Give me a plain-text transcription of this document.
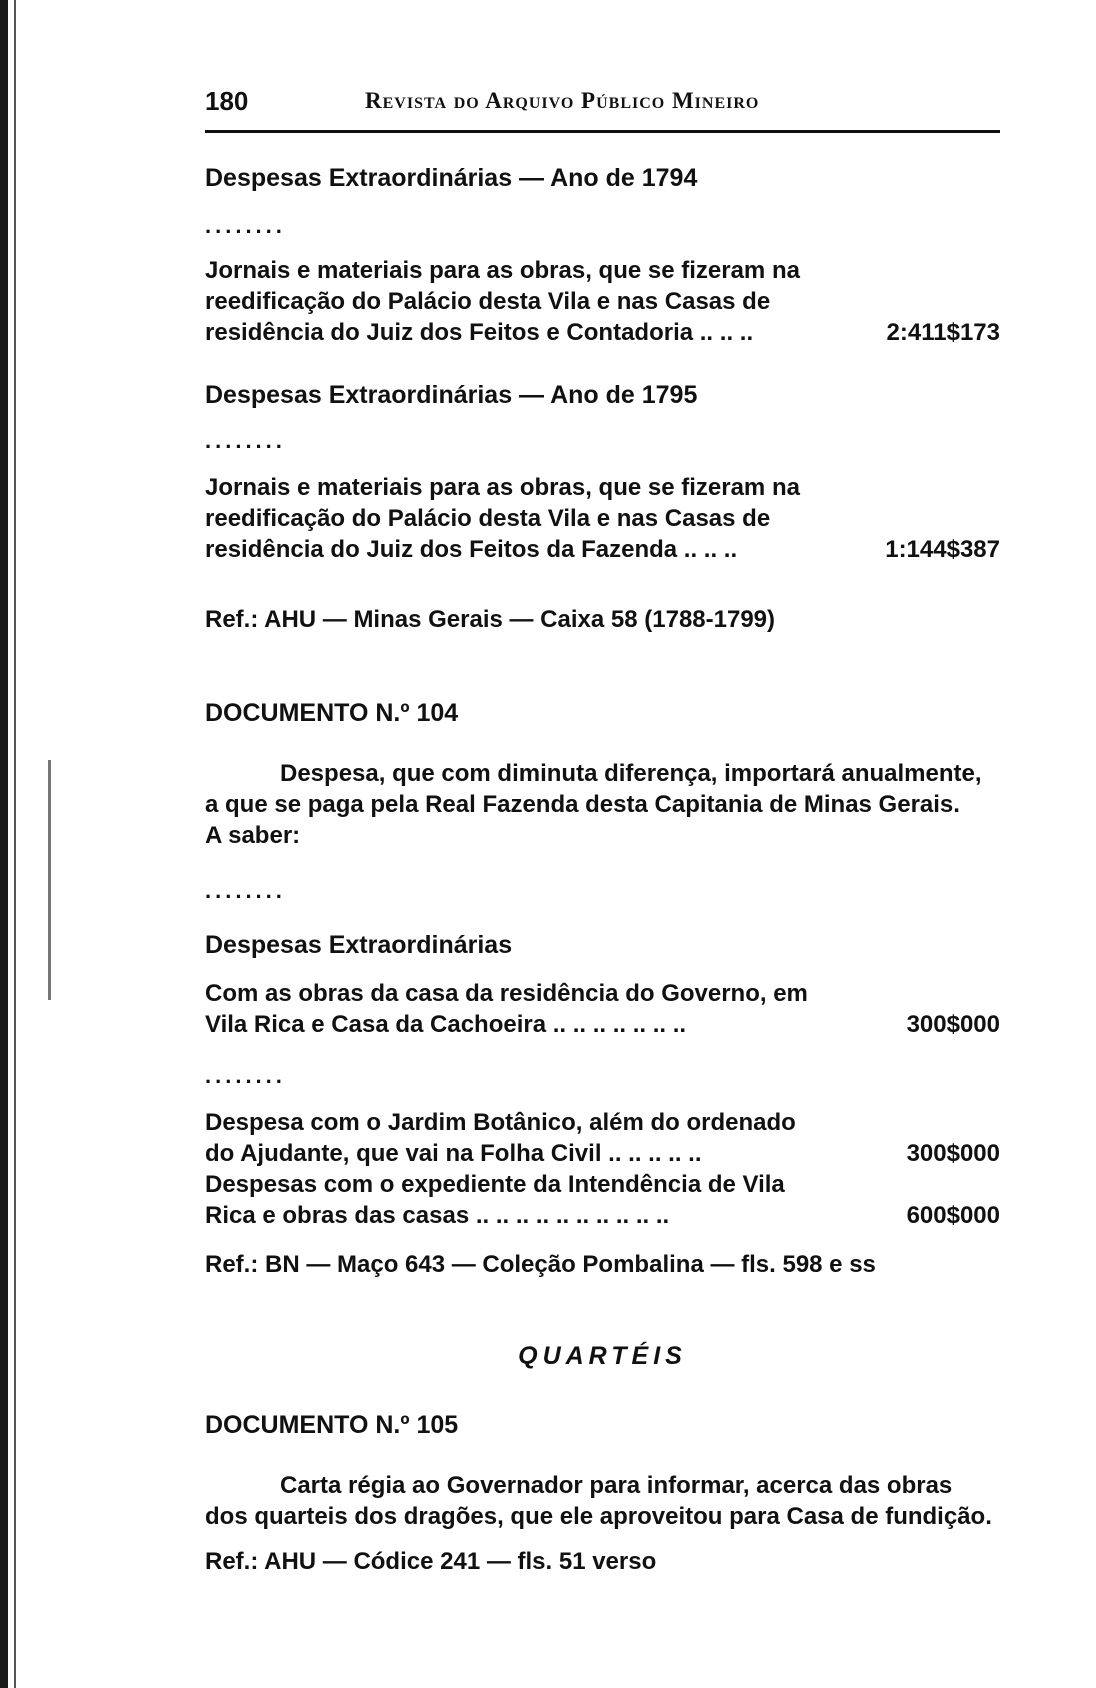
180	Revista do Arquivo Público Mineiro
Despesas Extraordinárias — Ano de 1794
........
Jornais e materiais para as obras, que se fizeram na
reedificação do Palácio desta Vila e nas Casas de
residência do Juiz dos Feitos e Contadoria .. .. ..	2:411$173
Despesas Extraordinárias — Ano de 1795
........
Jornais e materiais para as obras, que se fizeram na
reedificação do Palácio desta Vila e nas Casas de
residência do Juiz dos Feitos da Fazenda .. .. ..	1:144$387
Ref.: AHU — Minas Gerais — Caixa 58 (1788-1799)
DOCUMENTO N.º 104
Despesa, que com diminuta diferença, importará anualmente,
a que se paga pela Real Fazenda desta Capitania de Minas Gerais.
A saber:
........
Despesas Extraordinárias
Com as obras da casa da residência do Governo, em
Vila Rica e Casa da Cachoeira .. .. .. .. .. .. ..	300$000
........
Despesa com o Jardim Botânico, além do ordenado
do Ajudante, que vai na Folha Civil .. .. .. .. ..	300$000
Despesas com o expediente da Intendência de Vila
Rica e obras das casas .. .. .. .. .. .. .. .. .. ..	600$000
Ref.: BN — Maço 643 — Coleção Pombalina — fls. 598 e ss
QUARTÉIS
DOCUMENTO N.º 105
Carta régia ao Governador para informar, acerca das obras
dos quarteis dos dragões, que ele aproveitou para Casa de fundição.
Ref.: AHU — Códice 241 — fls. 51 verso
